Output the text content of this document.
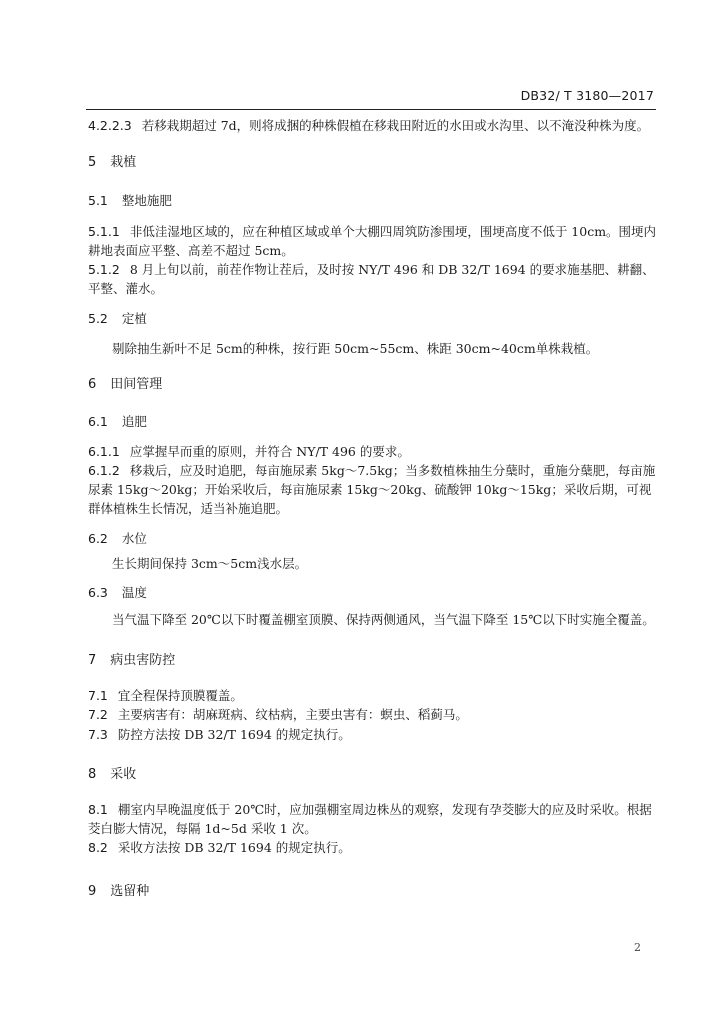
DB32/ T 3180—2017
4.2.2.3 若移栽期超过 7d，则将成捆的种株假植在移栽田附近的水田或水沟里、以不淹没种株为度。
5 栽植
5.1 整地施肥
5.1.1 非低洼湿地区域的，应在种植区域或单个大棚四周筑防渗围埂，围埂高度不低于 10cm。围埂内耕地表面应平整、高差不超过 5cm。
5.1.2 8 月上旬以前，前茬作物让茬后，及时按 NY/T 496 和 DB 32/T 1694 的要求施基肥、耕翻、平整、灌水。
5.2 定植
剔除抽生新叶不足 5cm的种株，按行距 50cm~55cm、株距 30cm~40cm单株栽植。
6 田间管理
6.1 追肥
6.1.1 应掌握早而重的原则，并符合 NY/T 496 的要求。
6.1.2 移栽后，应及时追肥，每亩施尿素 5kg～7.5kg；当多数植株抽生分蘖时，重施分蘖肥，每亩施尿素 15kg～20kg；开始采收后，每亩施尿素 15kg～20kg、硫酸钾 10kg～15kg；采收后期，可视群体植株生长情况，适当补施追肥。
6.2 水位
生长期间保持 3cm～5cm浅水层。
6.3 温度
当气温下降至 20℃以下时覆盖棚室顶膜、保持两侧通风，当气温下降至 15℃以下时实施全覆盖。
7 病虫害防控
7.1 宜全程保持顶膜覆盖。
7.2 主要病害有：胡麻斑病、纹枯病，主要虫害有：螟虫、稻蓟马。
7.3 防控方法按 DB 32/T 1694 的规定执行。
8 采收
8.1 棚室内早晚温度低于 20℃时，应加强棚室周边株丛的观察，发现有孕茭膨大的应及时采收。根据茭白膨大情况，每隔 1d~5d 采收 1 次。
8.2 采收方法按 DB 32/T 1694 的规定执行。
9 选留种
2
